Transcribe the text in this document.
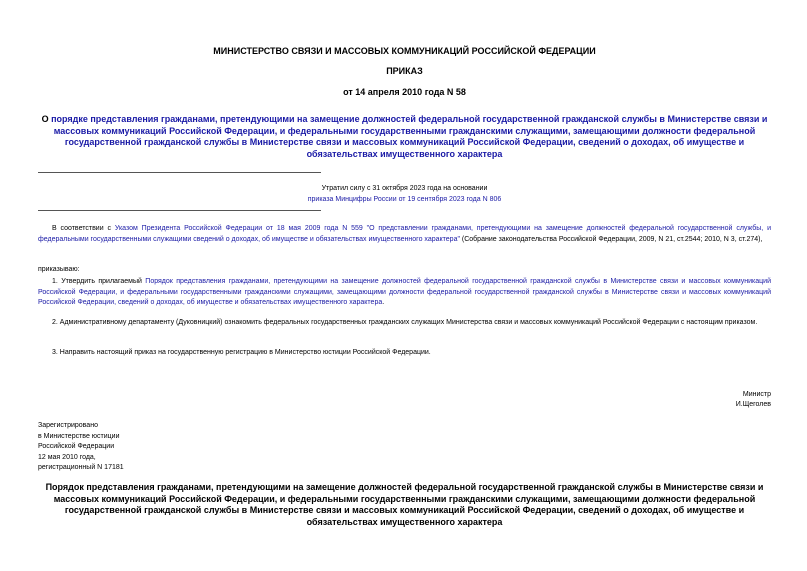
МИНИСТЕРСТВО СВЯЗИ И МАССОВЫХ КОММУНИКАЦИЙ РОССИЙСКОЙ ФЕДЕРАЦИИ
ПРИКАЗ
от 14 апреля 2010 года N 58
О порядке представления гражданами, претендующими на замещение должностей федеральной государственной гражданской службы в Министерстве связи и массовых коммуникаций Российской Федерации, и федеральными государственными гражданскими служащими, замещающими должности федеральной государственной гражданской службы в Министерстве связи и массовых коммуникаций Российской Федерации, сведений о доходах, об имуществе и обязательствах имущественного характера
Утратил силу с 31 октября 2023 года на основании
приказа Минцифры России от 19 сентября 2023 года N 806
В соответствии с Указом Президента Российской Федерации от 18 мая 2009 года N 559 "О представлении гражданами, претендующими на замещение должностей федеральной государственной службы, и федеральными государственными служащими сведений о доходах, об имуществе и обязательствах имущественного характера" (Собрание законодательства Российской Федерации, 2009, N 21, ст.2544; 2010, N 3, ст.274),
приказываю:
1. Утвердить прилагаемый Порядок представления гражданами, претендующими на замещение должностей федеральной государственной гражданской службы в Министерстве связи и массовых коммуникаций Российской Федерации, и федеральными государственными гражданскими служащими, замещающими должности федеральной государственной гражданской службы в Министерстве связи и массовых коммуникаций Российской Федерации, сведений о доходах, об имуществе и обязательствах имущественного характера.
2. Административному департаменту (Дуковницкий) ознакомить федеральных государственных гражданских служащих Министерства связи и массовых коммуникаций Российской Федерации с настоящим приказом.
3. Направить настоящий приказ на государственную регистрацию в Министерство юстиции Российской Федерации.
Министр
И.Щеголев
Зарегистрировано
в Министерстве юстиции
Российской Федерации
12 мая 2010 года,
регистрационный N 17181
Порядок представления гражданами, претендующими на замещение должностей федеральной государственной гражданской службы в Министерстве связи и массовых коммуникаций Российской Федерации, и федеральными государственными гражданскими служащими, замещающими должности федеральной государственной гражданской службы в Министерстве связи и массовых коммуникаций Российской Федерации, сведений о доходах, об имуществе и обязательствах имущественного характера
